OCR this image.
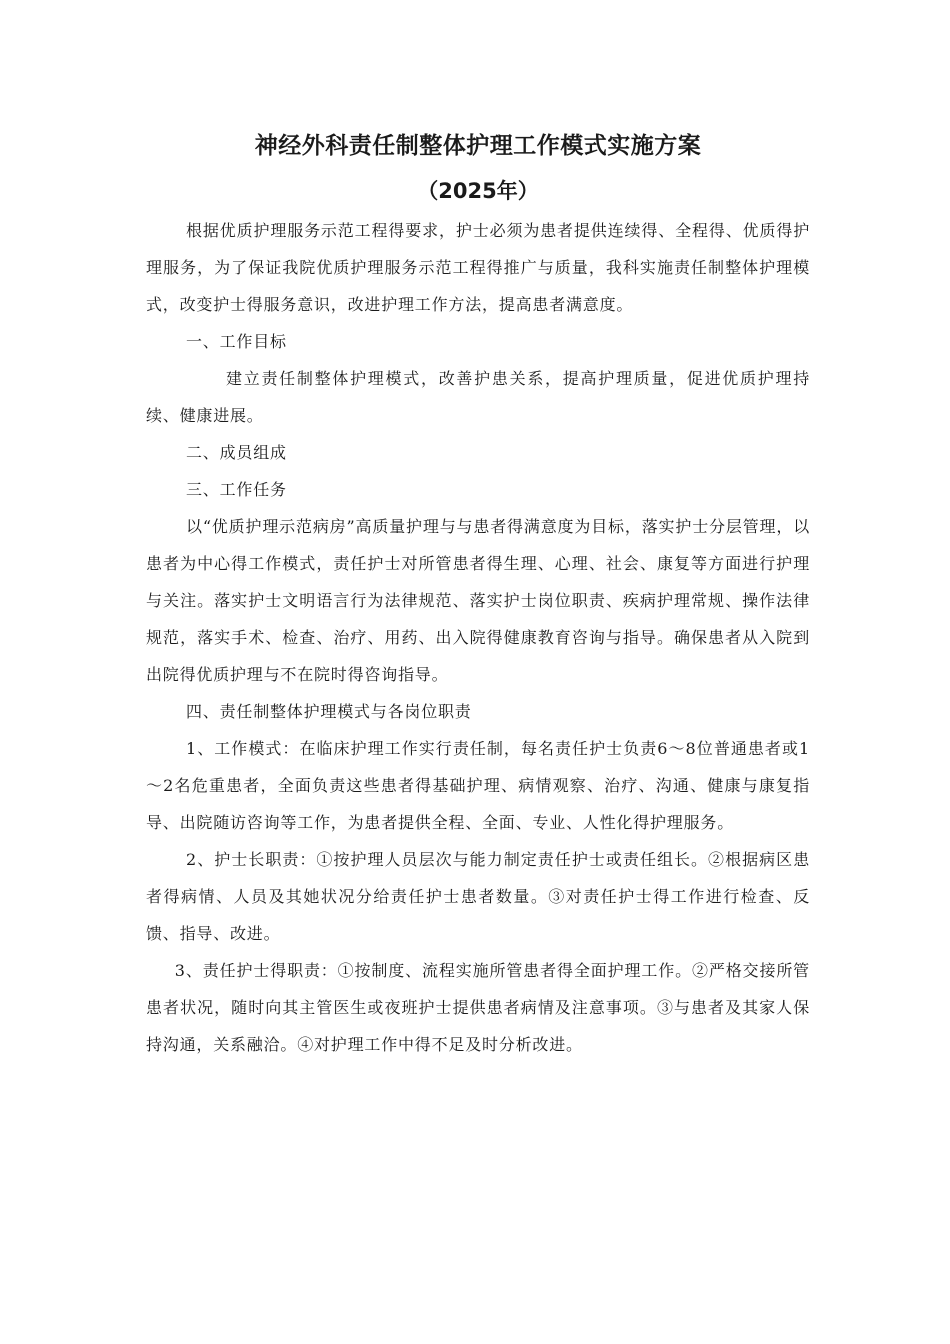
神经外科责任制整体护理工作模式实施方案
（2025年）

根据优质护理服务示范工程得要求，护士必须为患者提供连续得、全程得、优质得护理服务，为了保证我院优质护理服务示范工程得推广与质量，我科实施责任制整体护理模式，改变护士得服务意识，改进护理工作方法，提高患者满意度。

一、工作目标

建立责任制整体护理模式，改善护患关系，提高护理质量，促进优质护理持续、健康进展。

二、成员组成

三、工作任务

以“优质护理示范病房”高质量护理与与患者得满意度为目标，落实护士分层管理，以患者为中心得工作模式，责任护士对所管患者得生理、心理、社会、康复等方面进行护理与关注。落实护士文明语言行为法律规范、落实护士岗位职责、疾病护理常规、操作法律规范，落实手术、检查、治疗、用药、出入院得健康教育咨询与指导。确保患者从入院到出院得优质护理与不在院时得咨询指导。

四、责任制整体护理模式与各岗位职责

1、工作模式：在临床护理工作实行责任制，每名责任护士负责6～8位普通患者或1～2名危重患者，全面负责这些患者得基础护理、病情观察、治疗、沟通、健康与康复指导、出院随访咨询等工作，为患者提供全程、全面、专业、人性化得护理服务。

2、护士长职责：①按护理人员层次与能力制定责任护士或责任组长。②根据病区患者得病情、人员及其她状况分给责任护士患者数量。③对责任护士得工作进行检查、反馈、指导、改进。

3、责任护士得职责：①按制度、流程实施所管患者得全面护理工作。②严格交接所管患者状况，随时向其主管医生或夜班护士提供患者病情及注意事项。③与患者及其家人保持沟通，关系融洽。④对护理工作中得不足及时分析改进。
